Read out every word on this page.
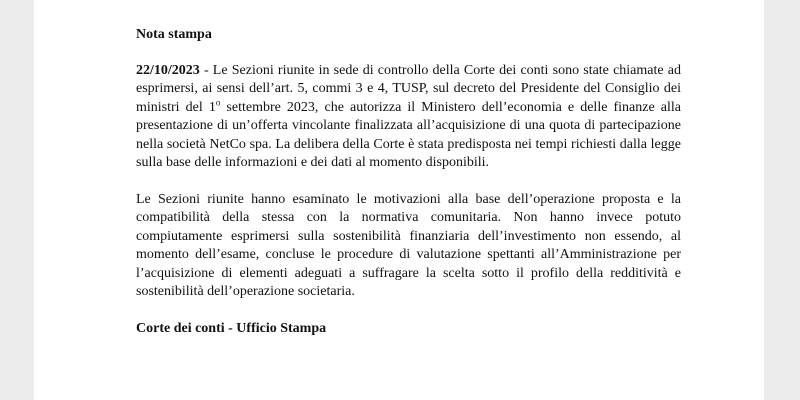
Nota stampa

22/10/2023 - Le Sezioni riunite in sede di controllo della Corte dei conti sono state chiamate ad esprimersi, ai sensi dell’art. 5, commi 3 e 4, TUSP, sul decreto del Presidente del Consiglio dei ministri del 1$^o$ settembre 2023, che autorizza il Ministero dell’economia e delle finanze alla presentazione di un’offerta vincolante finalizzata all’acquisizione di una quota di partecipazione nella società NetCo spa. La delibera della Corte è stata predisposta nei tempi richiesti dalla legge sulla base delle informazioni e dei dati al momento disponibili.

Le Sezioni riunite hanno esaminato le motivazioni alla base dell’operazione proposta e la compatibilità della stessa con la normativa comunitaria. Non hanno invece potuto compiutamente esprimersi sulla sostenibilità finanziaria dell’investimento non essendo, al momento dell’esame, concluse le procedure di valutazione spettanti all’Amministrazione per l’acquisizione di elementi adeguati a suffragare la scelta sotto il profilo della redditività e sostenibilità dell’operazione societaria.

Corte dei conti - Ufficio Stampa
